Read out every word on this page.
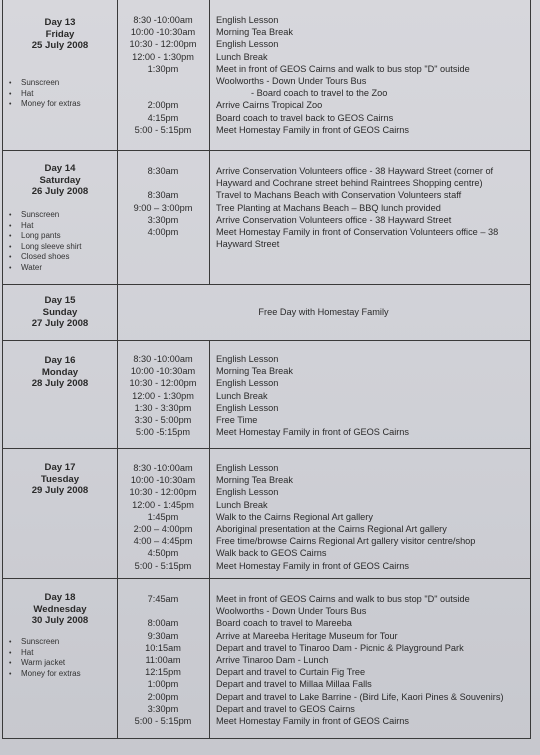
Day 13
Friday
25 July 2008
• Sunscreen
• Hat
• Money for extras
8:30 -10:00am
10:00 -10:30am
10:30 - 12:00pm
12:00 - 1:30pm
1:30pm
2:00pm
4:15pm
5:00 - 5:15pm
English Lesson
Morning Tea Break
English Lesson
Lunch Break
Meet in front of GEOS Cairns and walk to bus stop "D" outside
Woolworths - Down Under Tours Bus
- Board coach to travel to the Zoo
Arrive Cairns Tropical Zoo
Board coach to travel back to GEOS Cairns
Meet Homestay Family in front of GEOS Cairns
Day 14
Saturday
26 July 2008
• Sunscreen
• Hat
• Long pants
• Long sleeve shirt
• Closed shoes
• Water
8:30am
8:30am
9:00 – 3:00pm
3:30pm
4:00pm
Arrive Conservation Volunteers office - 38 Hayward Street (corner of
Hayward and Cochrane street behind Raintrees Shopping centre)
Travel to Machans Beach with Conservation Volunteers staff
Tree Planting at Machans Beach – BBQ lunch provided
Arrive Conservation Volunteers office - 38 Hayward Street
Meet Homestay Family in front of Conservation Volunteers office – 38
Hayward Street
Day 15
Sunday
27 July 2008
Free Day with Homestay Family
Day 16
Monday
28 July 2008
8:30 -10:00am
10:00 -10:30am
10:30 - 12:00pm
12:00 - 1:30pm
1:30 - 3:30pm
3:30 - 5:00pm
5:00 -5:15pm
English Lesson
Morning Tea Break
English Lesson
Lunch Break
English Lesson
Free Time
Meet Homestay Family in front of GEOS Cairns
Day 17
Tuesday
29 July 2008
8:30 -10:00am
10:00 -10:30am
10:30 - 12:00pm
12:00 - 1:45pm
1:45pm
2:00 – 4:00pm
4:00 – 4:45pm
4:50pm
5:00 - 5:15pm
English Lesson
Morning Tea Break
English Lesson
Lunch Break
Walk to the Cairns Regional Art gallery
Aboriginal presentation at the Cairns Regional Art gallery
Free time/browse Cairns Regional Art gallery visitor centre/shop
Walk back to GEOS Cairns
Meet Homestay Family in front of GEOS Cairns
Day 18
Wednesday
30 July 2008
• Sunscreen
• Hat
• Warm jacket
• Money for extras
7:45am
8:00am
9:30am
10:15am
11:00am
12:15pm
1:00pm
2:00pm
3:30pm
5:00 - 5:15pm
Meet in front of GEOS Cairns and walk to bus stop "D" outside
Woolworths - Down Under Tours Bus
Board coach to travel to Mareeba
Arrive at Mareeba Heritage Museum for Tour
Depart and travel to Tinaroo Dam - Picnic & Playground Park
Arrive Tinaroo Dam - Lunch
Depart and travel to Curtain Fig Tree
Depart and travel to Millaa Millaa Falls
Depart and travel to Lake Barrine - (Bird Life, Kaori Pines & Souvenirs)
Depart and travel to GEOS Cairns
Meet Homestay Family in front of GEOS Cairns
